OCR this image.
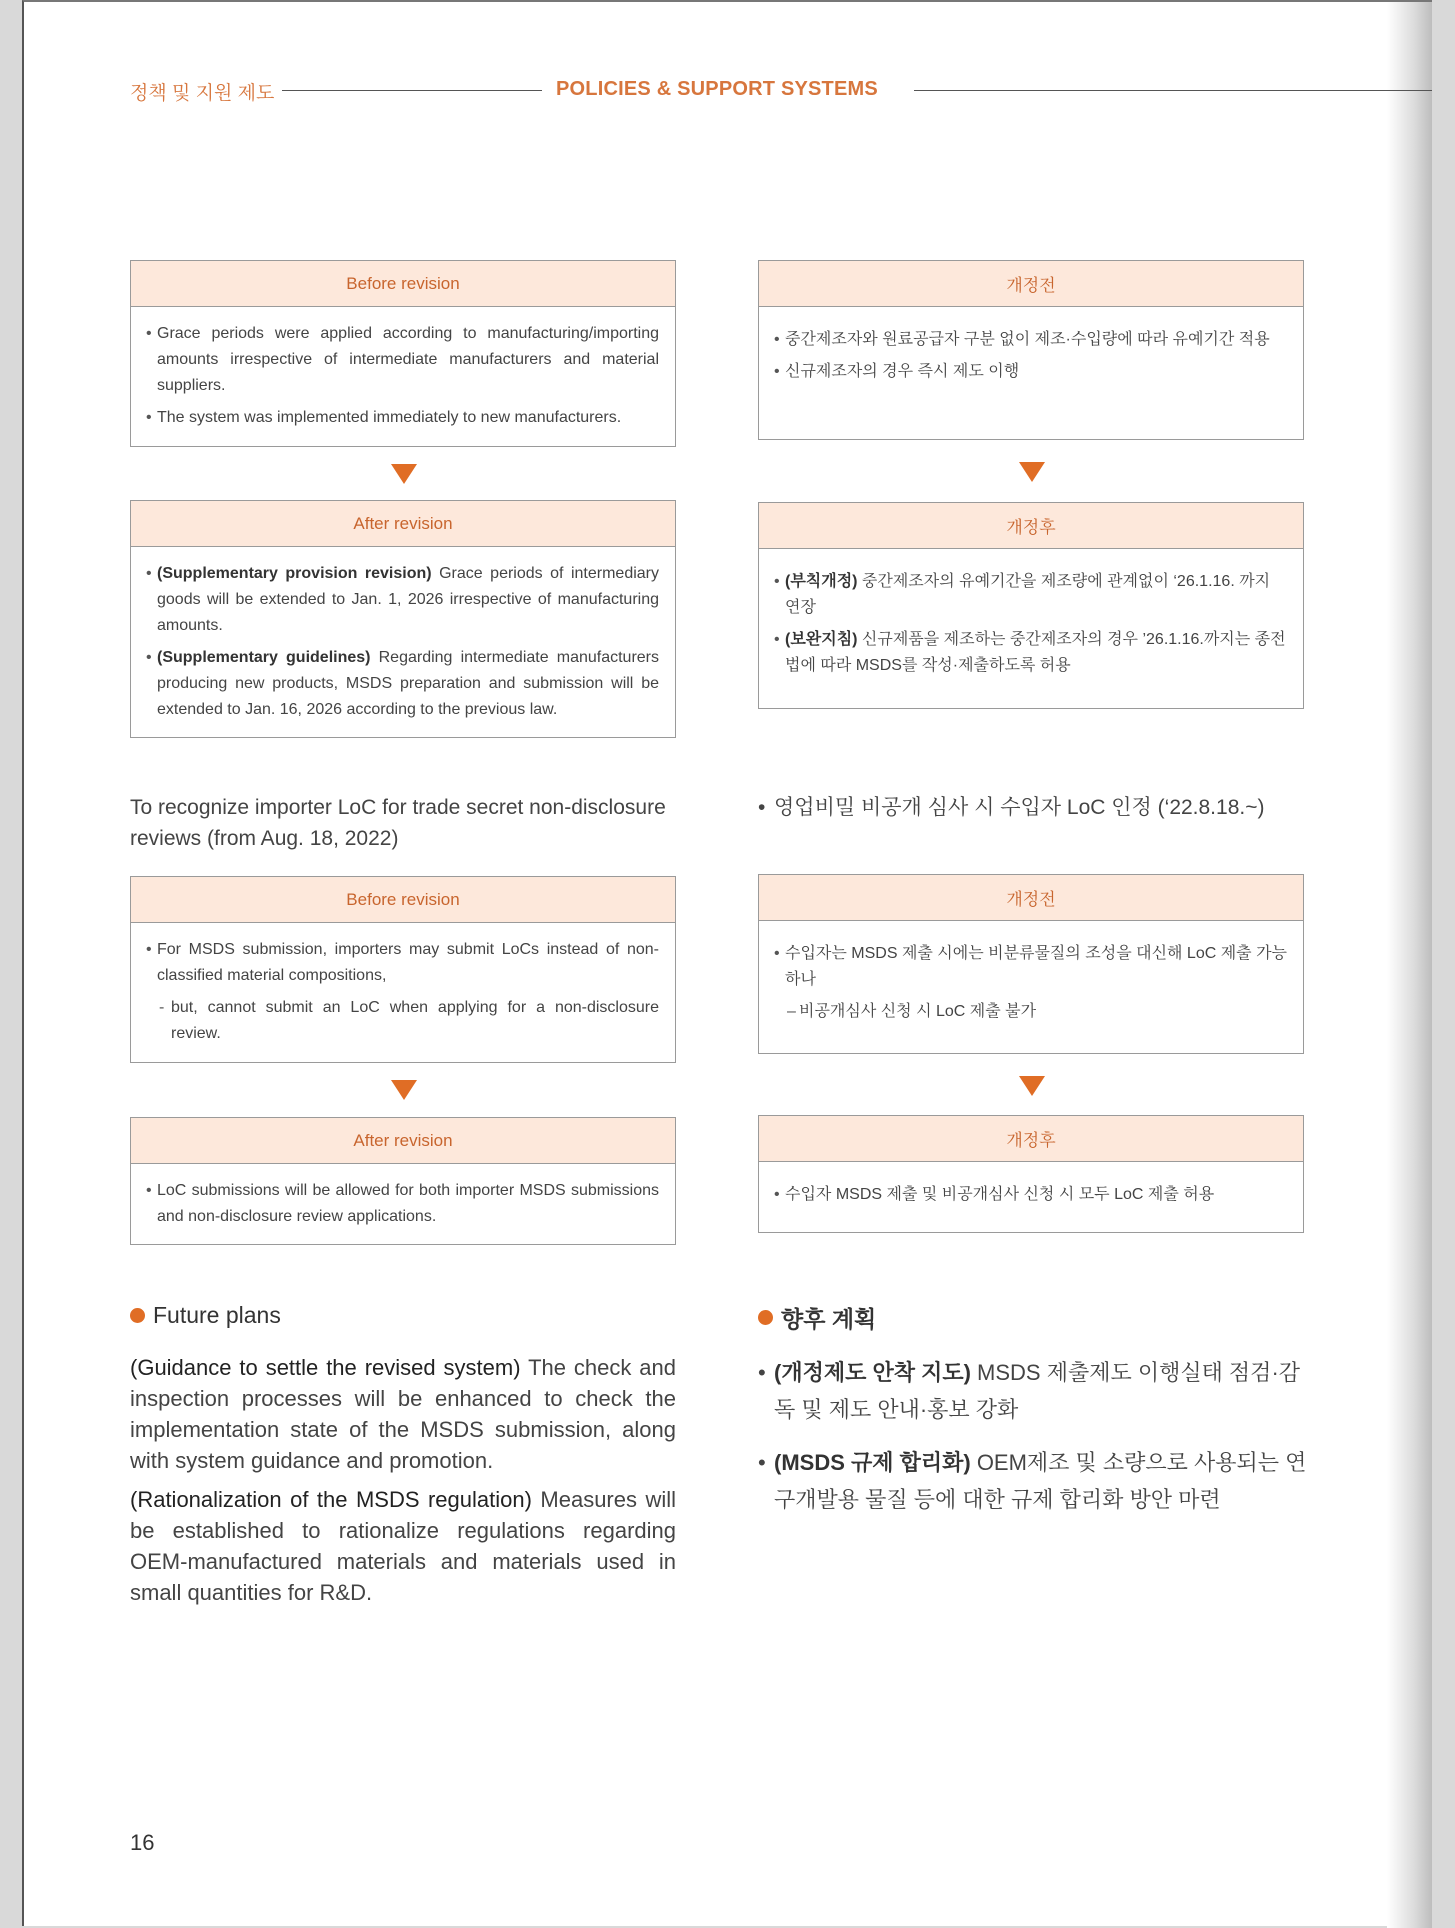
정책 및 지원 제도	POLICIES & SUPPORT SYSTEMS
Before revision
• Grace periods were applied according to manufacturing/importing amounts irrespective of intermediate manufacturers and material suppliers.
• The system was implemented immediately to new manufacturers.
After revision
• (Supplementary provision revision) Grace periods of intermediary goods will be extended to Jan. 1, 2026 irrespective of manufacturing amounts.
• (Supplementary guidelines) Regarding intermediate manufacturers producing new products, MSDS preparation and submission will be extended to Jan. 16, 2026 according to the previous law.
개정전
• 중간제조자와 원료공급자 구분 없이 제조·수입량에 따라 유예기간 적용
• 신규제조자의 경우 즉시 제도 이행
개정후
• (부칙개정) 중간제조자의 유예기간을 제조량에 관계없이 ‘26.1.16. 까지 연장
• (보완지침) 신규제품을 제조하는 중간제조자의 경우 ’26.1.16.까지는 종전법에 따라 MSDS를 작성·제출하도록 허용
To recognize importer LoC for trade secret non-disclosure reviews (from Aug. 18, 2022)
• 영업비밀 비공개 심사 시 수입자 LoC 인정 (‘22.8.18.~)
Before revision
• For MSDS submission, importers may submit LoCs instead of non-classified material compositions,
- but, cannot submit an LoC when applying for a non-disclosure review.
After revision
• LoC submissions will be allowed for both importer MSDS submissions and non-disclosure review applications.
개정전
• 수입자는 MSDS 제출 시에는 비분류물질의 조성을 대신해 LoC 제출 가능하나
– 비공개심사 신청 시 LoC 제출 불가
개정후
• 수입자 MSDS 제출 및 비공개심사 신청 시 모두 LoC 제출 허용
Future plans

(Guidance to settle the revised system) The check and inspection processes will be enhanced to check the implementation state of the MSDS submission, along with system guidance and promotion.

(Rationalization of the MSDS regulation) Measures will be established to rationalize regulations regarding OEM-manufactured materials and materials used in small quantities for R&D.

향후 계획

• (개정제도 안착 지도) MSDS 제출제도 이행실태 점검·감독 및 제도 안내·홍보 강화

• (MSDS 규제 합리화) OEM제조 및 소량으로 사용되는 연구개발용 물질 등에 대한 규제 합리화 방안 마련

16
